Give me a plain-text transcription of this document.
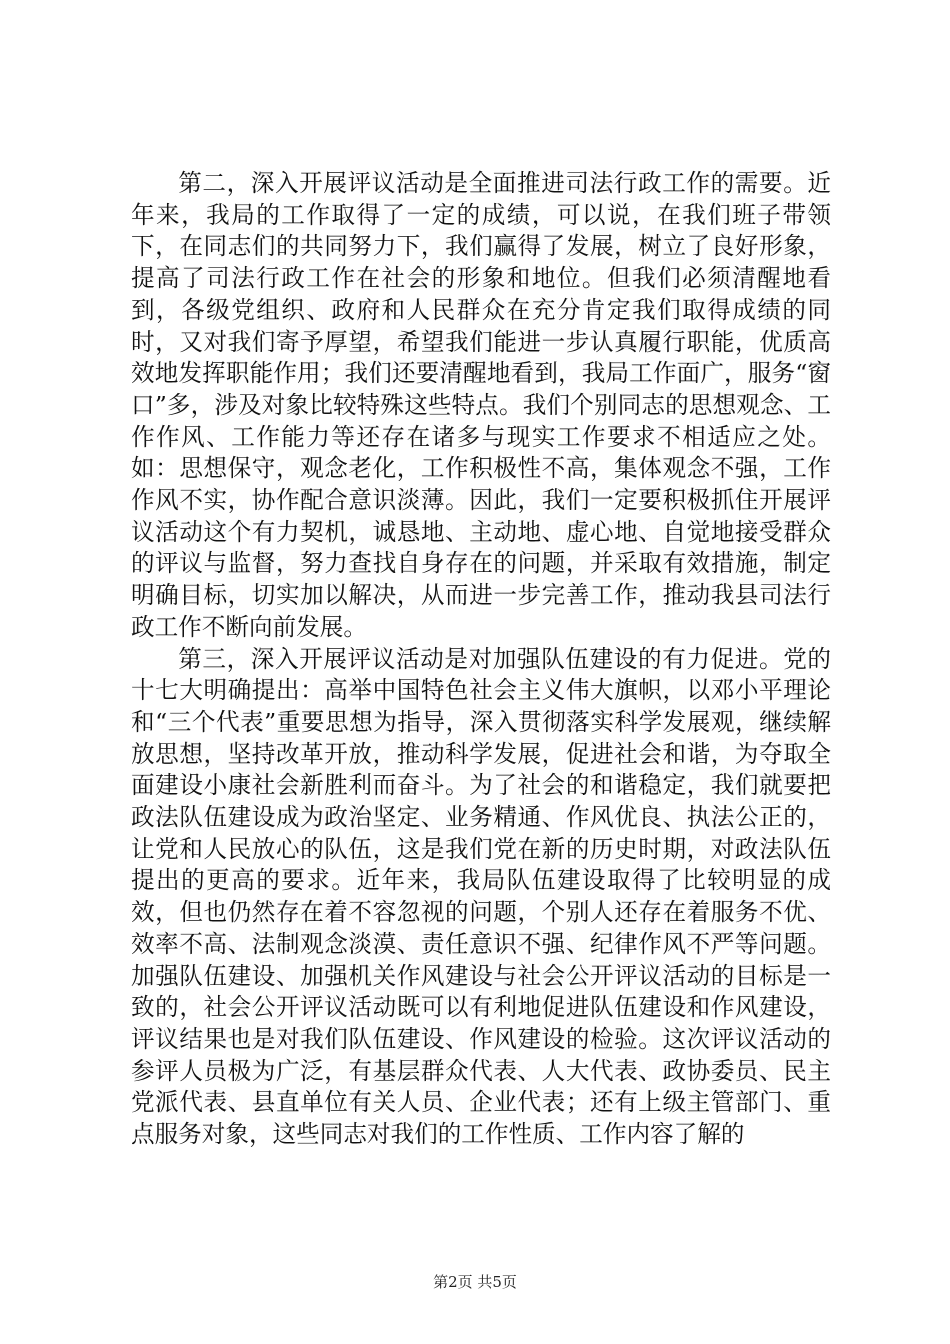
第二，深入开展评议活动是全面推进司法行政工作的需要。近年来，我局的工作取得了一定的成绩，可以说，在我们班子带领下，在同志们的共同努力下，我们赢得了发展，树立了良好形象，提高了司法行政工作在社会的形象和地位。但我们必须清醒地看到，各级党组织、政府和人民群众在充分肯定我们取得成绩的同时，又对我们寄予厚望，希望我们能进一步认真履行职能，优质高效地发挥职能作用；我们还要清醒地看到，我局工作面广，服务“窗口”多，涉及对象比较特殊这些特点。我们个别同志的思想观念、工作作风、工作能力等还存在诸多与现实工作要求不相适应之处。如：思想保守，观念老化，工作积极性不高，集体观念不强，工作作风不实，协作配合意识淡薄。因此，我们一定要积极抓住开展评议活动这个有力契机，诚恳地、主动地、虚心地、自觉地接受群众的评议与监督，努力查找自身存在的问题，并采取有效措施，制定明确目标，切实加以解决，从而进一步完善工作，推动我县司法行政工作不断向前发展。

第三，深入开展评议活动是对加强队伍建设的有力促进。党的十七大明确提出：高举中国特色社会主义伟大旗帜，以邓小平理论和“三个代表”重要思想为指导，深入贯彻落实科学发展观，继续解放思想，坚持改革开放，推动科学发展，促进社会和谐，为夺取全面建设小康社会新胜利而奋斗。为了社会的和谐稳定，我们就要把政法队伍建设成为政治坚定、业务精通、作风优良、执法公正的，让党和人民放心的队伍，这是我们党在新的历史时期，对政法队伍提出的更高的要求。近年来，我局队伍建设取得了比较明显的成效，但也仍然存在着不容忽视的问题，个别人还存在着服务不优、效率不高、法制观念淡漠、责任意识不强、纪律作风不严等问题。加强队伍建设、加强机关作风建设与社会公开评议活动的目标是一致的，社会公开评议活动既可以有利地促进队伍建设和作风建设，评议结果也是对我们队伍建设、作风建设的检验。这次评议活动的参评人员极为广泛，有基层群众代表、人大代表、政协委员、民主党派代表、县直单位有关人员、企业代表；还有上级主管部门、重点服务对象，这些同志对我们的工作性质、工作内容了解的

第2页 共5页
